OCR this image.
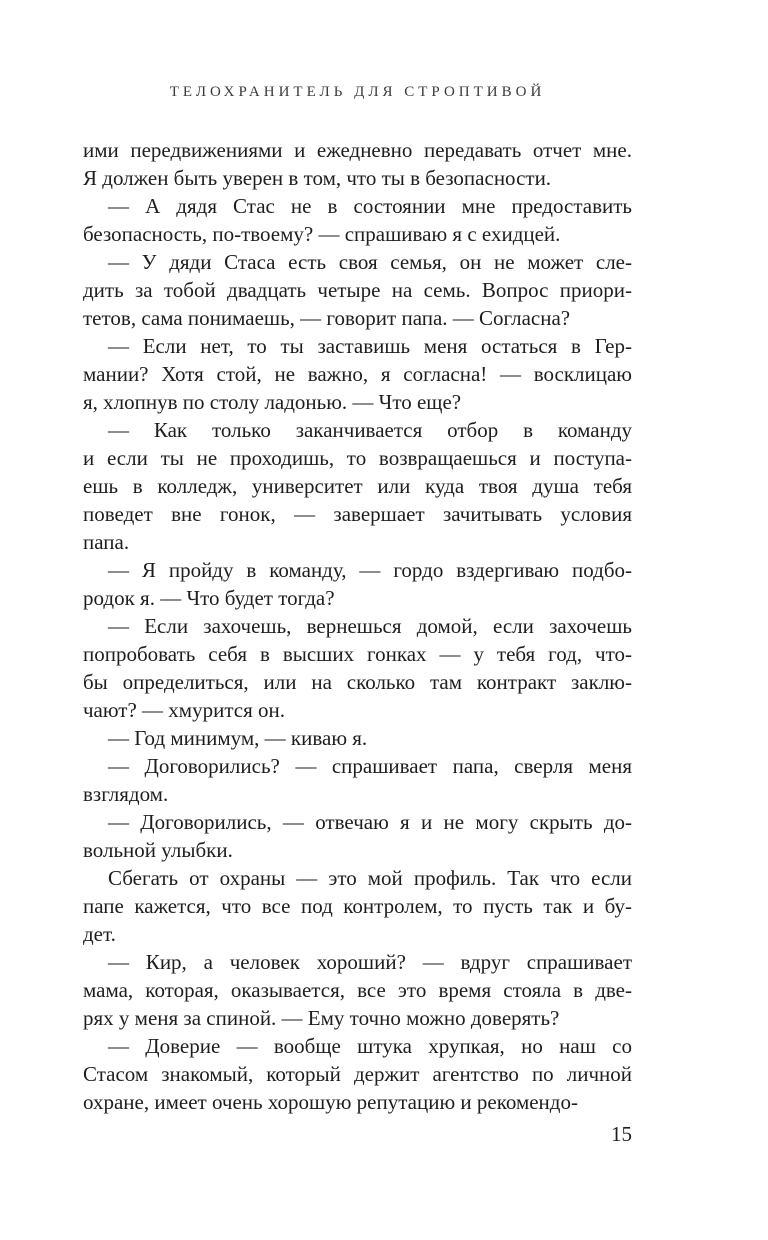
ТЕЛОХРАНИТЕЛЬ ДЛЯ СТРОПТИВОЙ
ими передвижениями и ежедневно передавать отчет мне.
Я должен быть уверен в том, что ты в безопасности.
— А дядя Стас не в состоянии мне предоставить
безопасность, по-твоему? — спрашиваю я с ехидцей.
— У дяди Стаса есть своя семья, он не может сле-
дить за тобой двадцать четыре на семь. Вопрос приори-
тетов, сама понимаешь, — говорит папа. — Согласна?
— Если нет, то ты заставишь меня остаться в Гер-
мании? Хотя стой, не важно, я согласна! — восклицаю
я, хлопнув по столу ладонью. — Что еще?
— Как только заканчивается отбор в команду
и если ты не проходишь, то возвращаешься и поступа-
ешь в колледж, университет или куда твоя душа тебя
поведет вне гонок, — завершает зачитывать условия
папа.
— Я пройду в команду, — гордо вздергиваю подбо-
родок я. — Что будет тогда?
— Если захочешь, вернешься домой, если захочешь
попробовать себя в высших гонках — у тебя год, что-
бы определиться, или на сколько там контракт заклю-
чают? — хмурится он.
— Год минимум, — киваю я.
— Договорились? — спрашивает папа, сверля меня
взглядом.
— Договорились, — отвечаю я и не могу скрыть до-
вольной улыбки.
Сбегать от охраны — это мой профиль. Так что если
папе кажется, что все под контролем, то пусть так и бу-
дет.
— Кир, а человек хороший? — вдруг спрашивает
мама, которая, оказывается, все это время стояла в две-
рях у меня за спиной. — Ему точно можно доверять?
— Доверие — вообще штука хрупкая, но наш со
Стасом знакомый, который держит агентство по личной
охране, имеет очень хорошую репутацию и рекомендо-
15
